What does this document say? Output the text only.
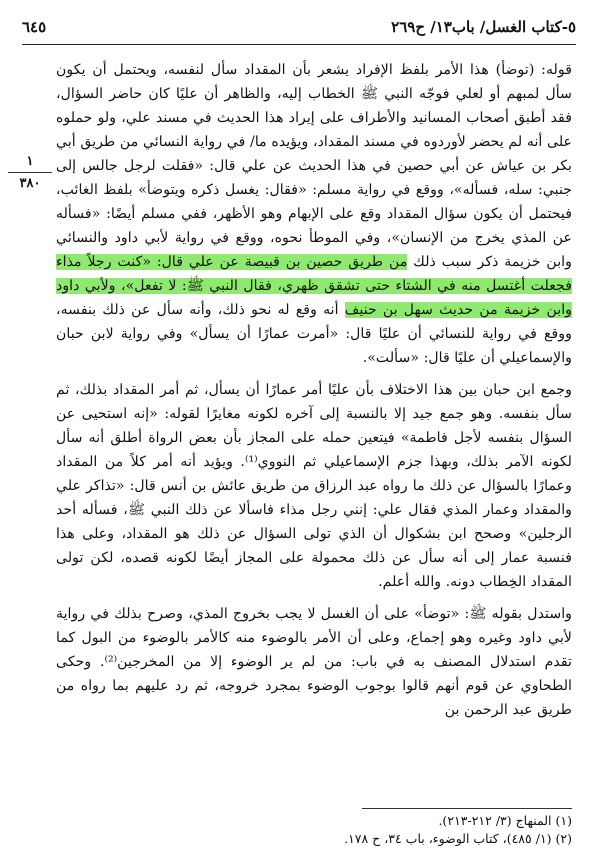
٥-كتاب الغسل/ باب١٣/ ح٢٦٩
٦٤٥
١
٣٨٠

قوله: (توضأ) هذا الأمر بلفظ الإفراد يشعر بأن المقداد سأل لنفسه، ويحتمل أن يكون سأل لمبهم أو لعلي فوجّه النبي ﷺ الخطاب إليه، والظاهر أن عليًا كان حاضر السؤال، فقد أطبق أصحاب المسانيد والأطراف على إيراد هذا الحديث في مسند علي، ولو حملوه على أنه لم يحضر لأوردوه في مسند المقداد، ويؤيده ما/ في رواية النسائي من طريق أبي بكر بن عياش عن أبي حصين في هذا الحديث عن علي قال: «فقلت لرجل جالس إلى جنبي: سله، فسأله»، ووقع في رواية مسلم: «فقال: يغسل ذكره ويتوضأ» بلفظ الغائب، فيحتمل أن يكون سؤال المقداد وقع على الإبهام وهو الأظهر، ففي مسلم أيضًا: «فسأله عن المذي يخرج من الإنسان»، وفي الموطأ نحوه، ووقع في رواية لأبي داود والنسائي وابن خزيمة ذكر سبب ذلك من طريق حصين بن قبيصة عن علي قال: «كنت رجلاً مذاء فجعلت أغتسل منه في الشتاء حتى تشقق ظهري، فقال النبي ﷺ: لا تفعل»، ولأبي داود وابن خزيمة من حديث سهل بن حنيف أنه وقع له نحو ذلك، وأنه سأل عن ذلك بنفسه، ووقع في رواية للنسائي أن عليًا قال: «أمرت عمارًا أن يسأل» وفي رواية لابن حبان والإسماعيلي أن عليًا قال: «سألت».

وجمع ابن حبان بين هذا الاختلاف بأن عليًا أمر عمارًا أن يسأل، ثم أمر المقداد بذلك، ثم سأل بنفسه. وهو جمع جيد إلا بالنسبة إلى آخره لكونه مغايرًا لقوله: «إنه استحيى عن السؤال بنفسه لأجل فاطمة» فيتعين حمله على المجاز بأن بعض الرواة أطلق أنه سأل لكونه الآمر بذلك، وبهذا جزم الإسماعيلي ثم النووي⁽¹⁾. ويؤيد أنه أمر كلاً من المقداد وعمارًا بالسؤال عن ذلك ما رواه عبد الرزاق من طريق عائش بن أنس قال: «تذاكر علي والمقداد وعمار المذي فقال علي: إنني رجل مذاء فاسألا عن ذلك النبي ﷺ، فسأله أحد الرجلين» وصحح ابن بشكوال أن الذي تولى السؤال عن ذلك هو المقداد، وعلى هذا فنسبة عمار إلى أنه سأل عن ذلك محمولة على المجاز أيضًا لكونه قصده، لكن تولى المقداد الخِطاب دونه. والله أعلم.

واستدل بقوله ﷺ: «توضأ» على أن الغسل لا يجب بخروج المذي، وصرح بذلك في رواية لأبي داود وغيره وهو إجماع، وعلى أن الأمر بالوضوء منه كالأمر بالوضوء من البول كما تقدم استدلال المصنف به في باب: من لم ير الوضوء إلا من المخرجين⁽²⁾. وحكى الطحاوي عن قوم أنهم قالوا بوجوب الوضوء بمجرد خروجه، ثم رد عليهم بما رواه من طريق عبد الرحمن بن

(١) المنهاج (٣/ ٢١٢-٢١٣).
(٢) (١/ ٤٨٥)، كتاب الوضوء، باب ٣٤، ح ١٧٨.
